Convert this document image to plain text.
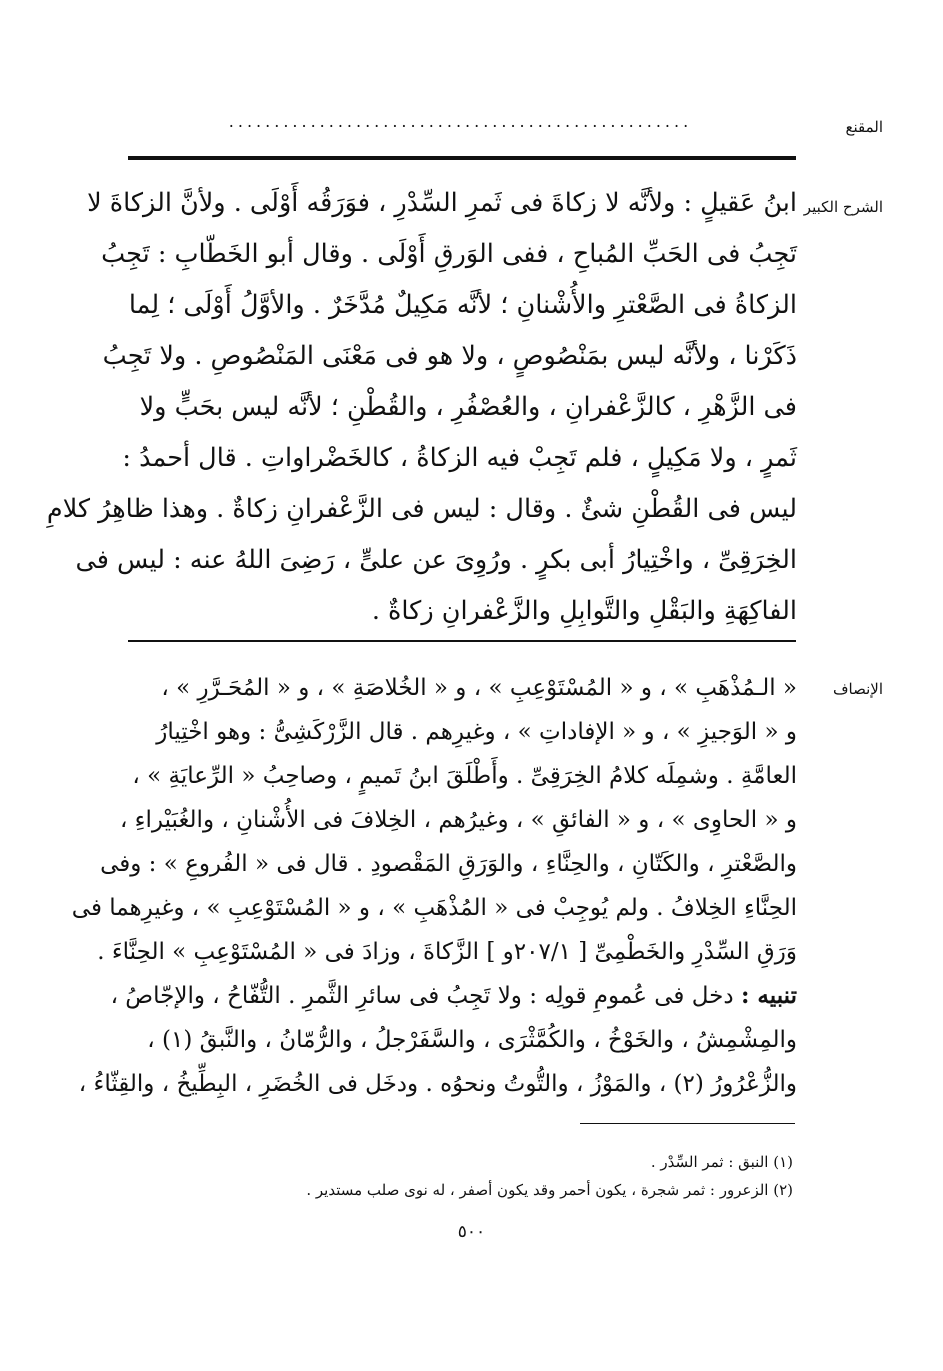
المقنع
...................................................
الشرح الكبير
ابنُ عَقيلٍ : ولأنَّه لا زكاةَ فى ثَمرِ السِّدْرِ ، فوَرَقُه أَوْلَى . ولأنَّ الزكاةَ لا
تَجِبُ فى الحَبِّ المُباحِ ، ففى الوَرقِ أَوْلَى . وقال أبو الخَطّابِ : تَجِبُ
الزكاةُ فى الصَّعْترِ والأُشْنانِ ؛ لأنَّه مَكِيلٌ مُدَّخَرٌ . والأوَّلُ أَوْلَى ؛ لِما
ذَكَرْنا ، ولأنَّه ليس بمَنْصُوصٍ ، ولا هو فى مَعْنَى المَنْصُوصِ . ولا تَجِبُ
فى الزَّهْرِ ، كالزَّعْفرانِ ، والعُصْفُرِ ، والقُطْنِ ؛ لأنَّه ليس بحَبٍّ ولا
ثَمرٍ ، ولا مَكِيلٍ ، فلم تَجِبْ فيه الزكاةُ ، كالخَضْراواتِ . قال أحمدُ :
ليس فى القُطْنِ شئٌ . وقال : ليس فى الزَّعْفرانِ زكاةٌ . وهذا ظاهِرُ كلامِ
الخِرَقِىِّ ، واخْتِيارُ أبى بكرٍ . ورُوِىَ عن علىٍّ ، رَضِىَ اللهُ عنه : ليس فى
الفاكِهَةِ والبَقْلِ والتَّوابِلِ والزَّعْفرانِ زكاةٌ .
الإنصاف
« الـمُذْهَبِ » ، و « المُسْتَوْعِبِ » ، و « الخُلاصَةِ » ، و « المُحَـرَّرِ » ،
و « الوَجيزِ » ، و « الإفاداتِ » ، وغيرِهم . قال الزَّرْكَشِىُّ : وهو اخْتِيارُ
العامَّةِ . وشمِلَه كلامُ الخِرَقِىِّ . وأَطْلَقَ ابنُ تَميمٍ ، وصاحِبُ « الرِّعايَةِ » ،
و « الحاوِى » ، و « الفائقِ » ، وغيرُهم ، الخِلافَ فى الأُشْنانِ ، والغُبَيْراءِ ،
والصَّعْترِ ، والكَتّانِ ، والحِنَّاءِ ، والوَرَقِ المَقْصودِ . قال فى « الفُروعِ » : وفى
الحِنَّاءِ الخِلافُ . ولم يُوجِبْ فى « المُذْهَبِ » ، و « المُسْتَوْعِبِ » ، وغيرِهما فى
وَرَقِ السِّدْرِ والخَطْمِىِّ [ ٢٠٧/١و ] الزَّكاةَ ، وزادَ فى « المُسْتَوْعِبِ » الحِنَّاءَ .
تنبيه : دخل فى عُمومِ قولِه : ولا تَجِبُ فى سائرِ الثَّمرِ . التُّفّاحُ ، والإجّاصُ ،
والمِشْمِشُ ، والخَوْخُ ، والكُمَّثْرَى ، والسَّفَرْجلُ ، والرُّمّانُ ، والنَّبقُ (١) ،
والزُّعْرُورُ (٢) ، والمَوْزُ ، والتُّوتُ ونحوُه . ودخَل فى الخُضَرِ ، البِطِّيخُ ، والقِثّاءُ ،
(١) النبق : ثمر السِّدْر .
(٢) الزعرور : ثمر شجرة ، يكون أحمر وقد يكون أصفر ، له نوى صلب مستدير .
٥٠٠
